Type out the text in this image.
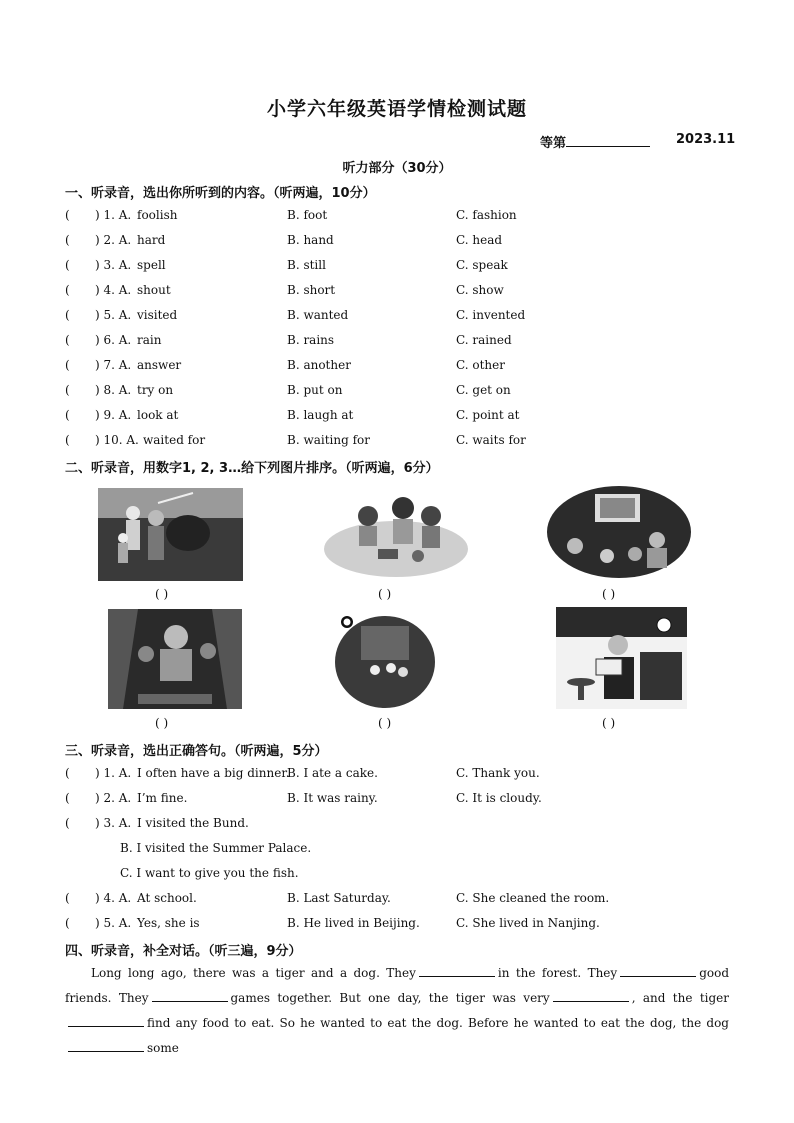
小学六年级英语学情检测试题
等第	2023.11
听力部分（30分）
一、听录音，选出你所听到的内容。（听两遍，10分）
( ) 1. A. foolish	B. foot	C. fashion
( ) 2. A. hard	B. hand	C. head
( ) 3. A. spell	B. still	C. speak
( ) 4. A. shout	B. short	C. show
( ) 5. A. visited	B. wanted	C. invented
( ) 6. A. rain	B. rains	C. rained
( ) 7. A. answer	B. another	C. other
( ) 8. A. try on	B. put on	C. get on
( ) 9. A. look at	B. laugh at	C. point at
( ) 10. A. waited for	B. waiting for	C. waits for
二、听录音，用数字1, 2, 3…给下列图片排序。（听两遍，6分）
( )	( )	( )
( )	( )	( )
三、听录音，选出正确答句。（听两遍，5分）
( ) 1. A. I often have a big dinner.
B. I ate a cake.	C. Thank you.
( ) 2. A. I’m fine.	B. It was rainy.	C. It is cloudy.
( ) 3. A. I visited the Bund.
B. I visited the Summer Palace.
C. I want to give you the fish.
( ) 4. A. At school.	B. Last Saturday.	C. She cleaned the room.
( ) 5. A. Yes, she is	B. He lived in Beijing.	C. She lived in Nanjing.
四、听录音，补全对话。（听三遍，9分）
Long long ago, there was a tiger and a dog. They	in the forest. They	good friends. They	games together. But one day, the tiger was very	, and the tigerfind any food to eat. So he wanted to eat the dog. Before he wanted to eat the dog, the dogsome
